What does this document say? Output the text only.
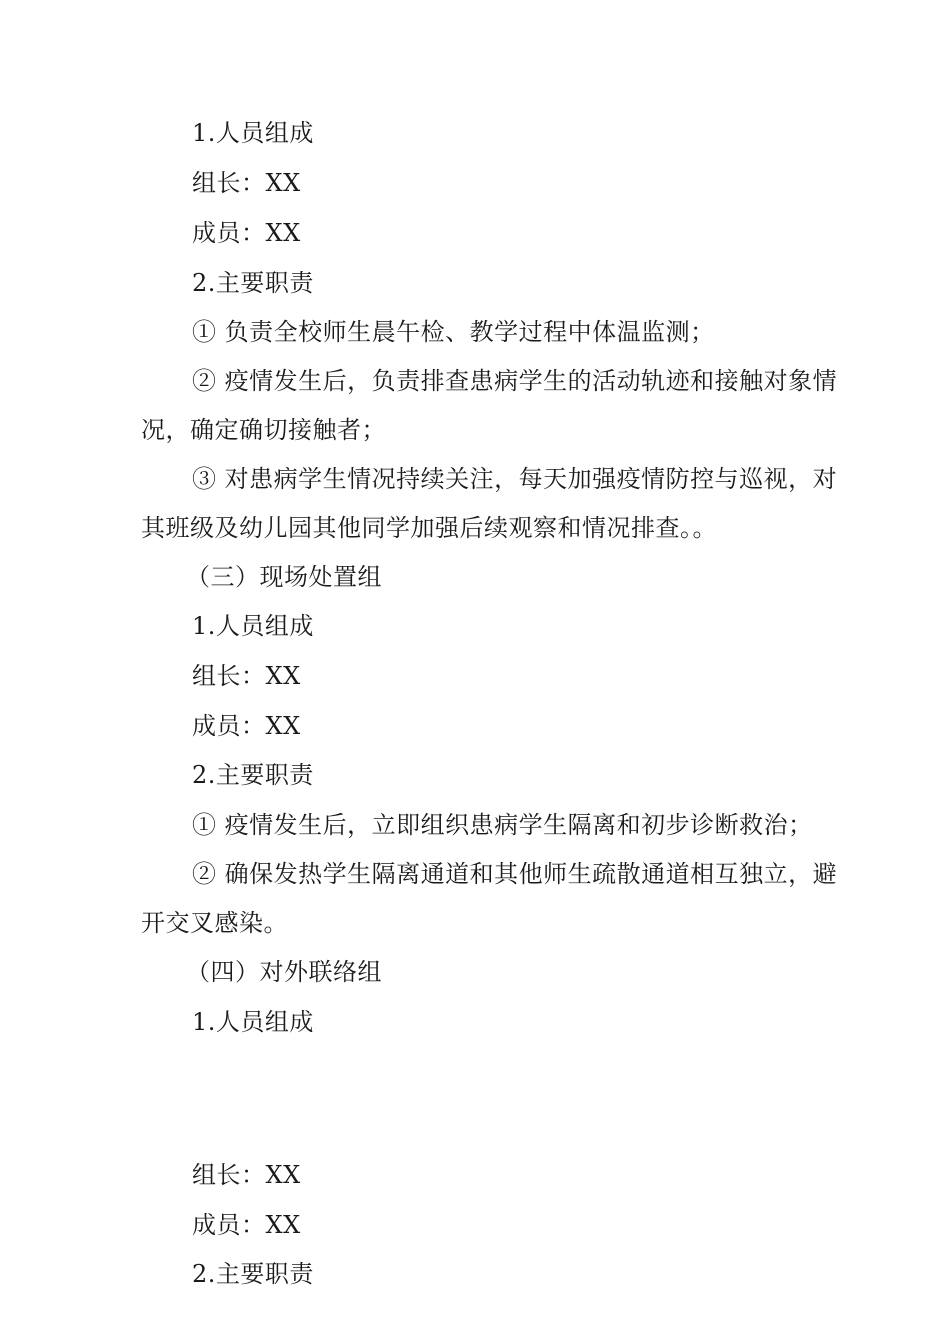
1.人员组成
组长：XX
成员：XX
2.主要职责
① 负责全校师生晨午检、教学过程中体温监测；
② 疫情发生后，负责排查患病学生的活动轨迹和接触对象情
况，确定确切接触者；
③ 对患病学生情况持续关注，每天加强疫情防控与巡视，对
其班级及幼儿园其他同学加强后续观察和情况排查。。
（三）现场处置组
1.人员组成
组长：XX
成员：XX
2.主要职责
① 疫情发生后，立即组织患病学生隔离和初步诊断救治；
② 确保发热学生隔离通道和其他师生疏散通道相互独立，避
开交叉感染。
（四）对外联络组
1.人员组成
组长：XX
成员：XX
2.主要职责
